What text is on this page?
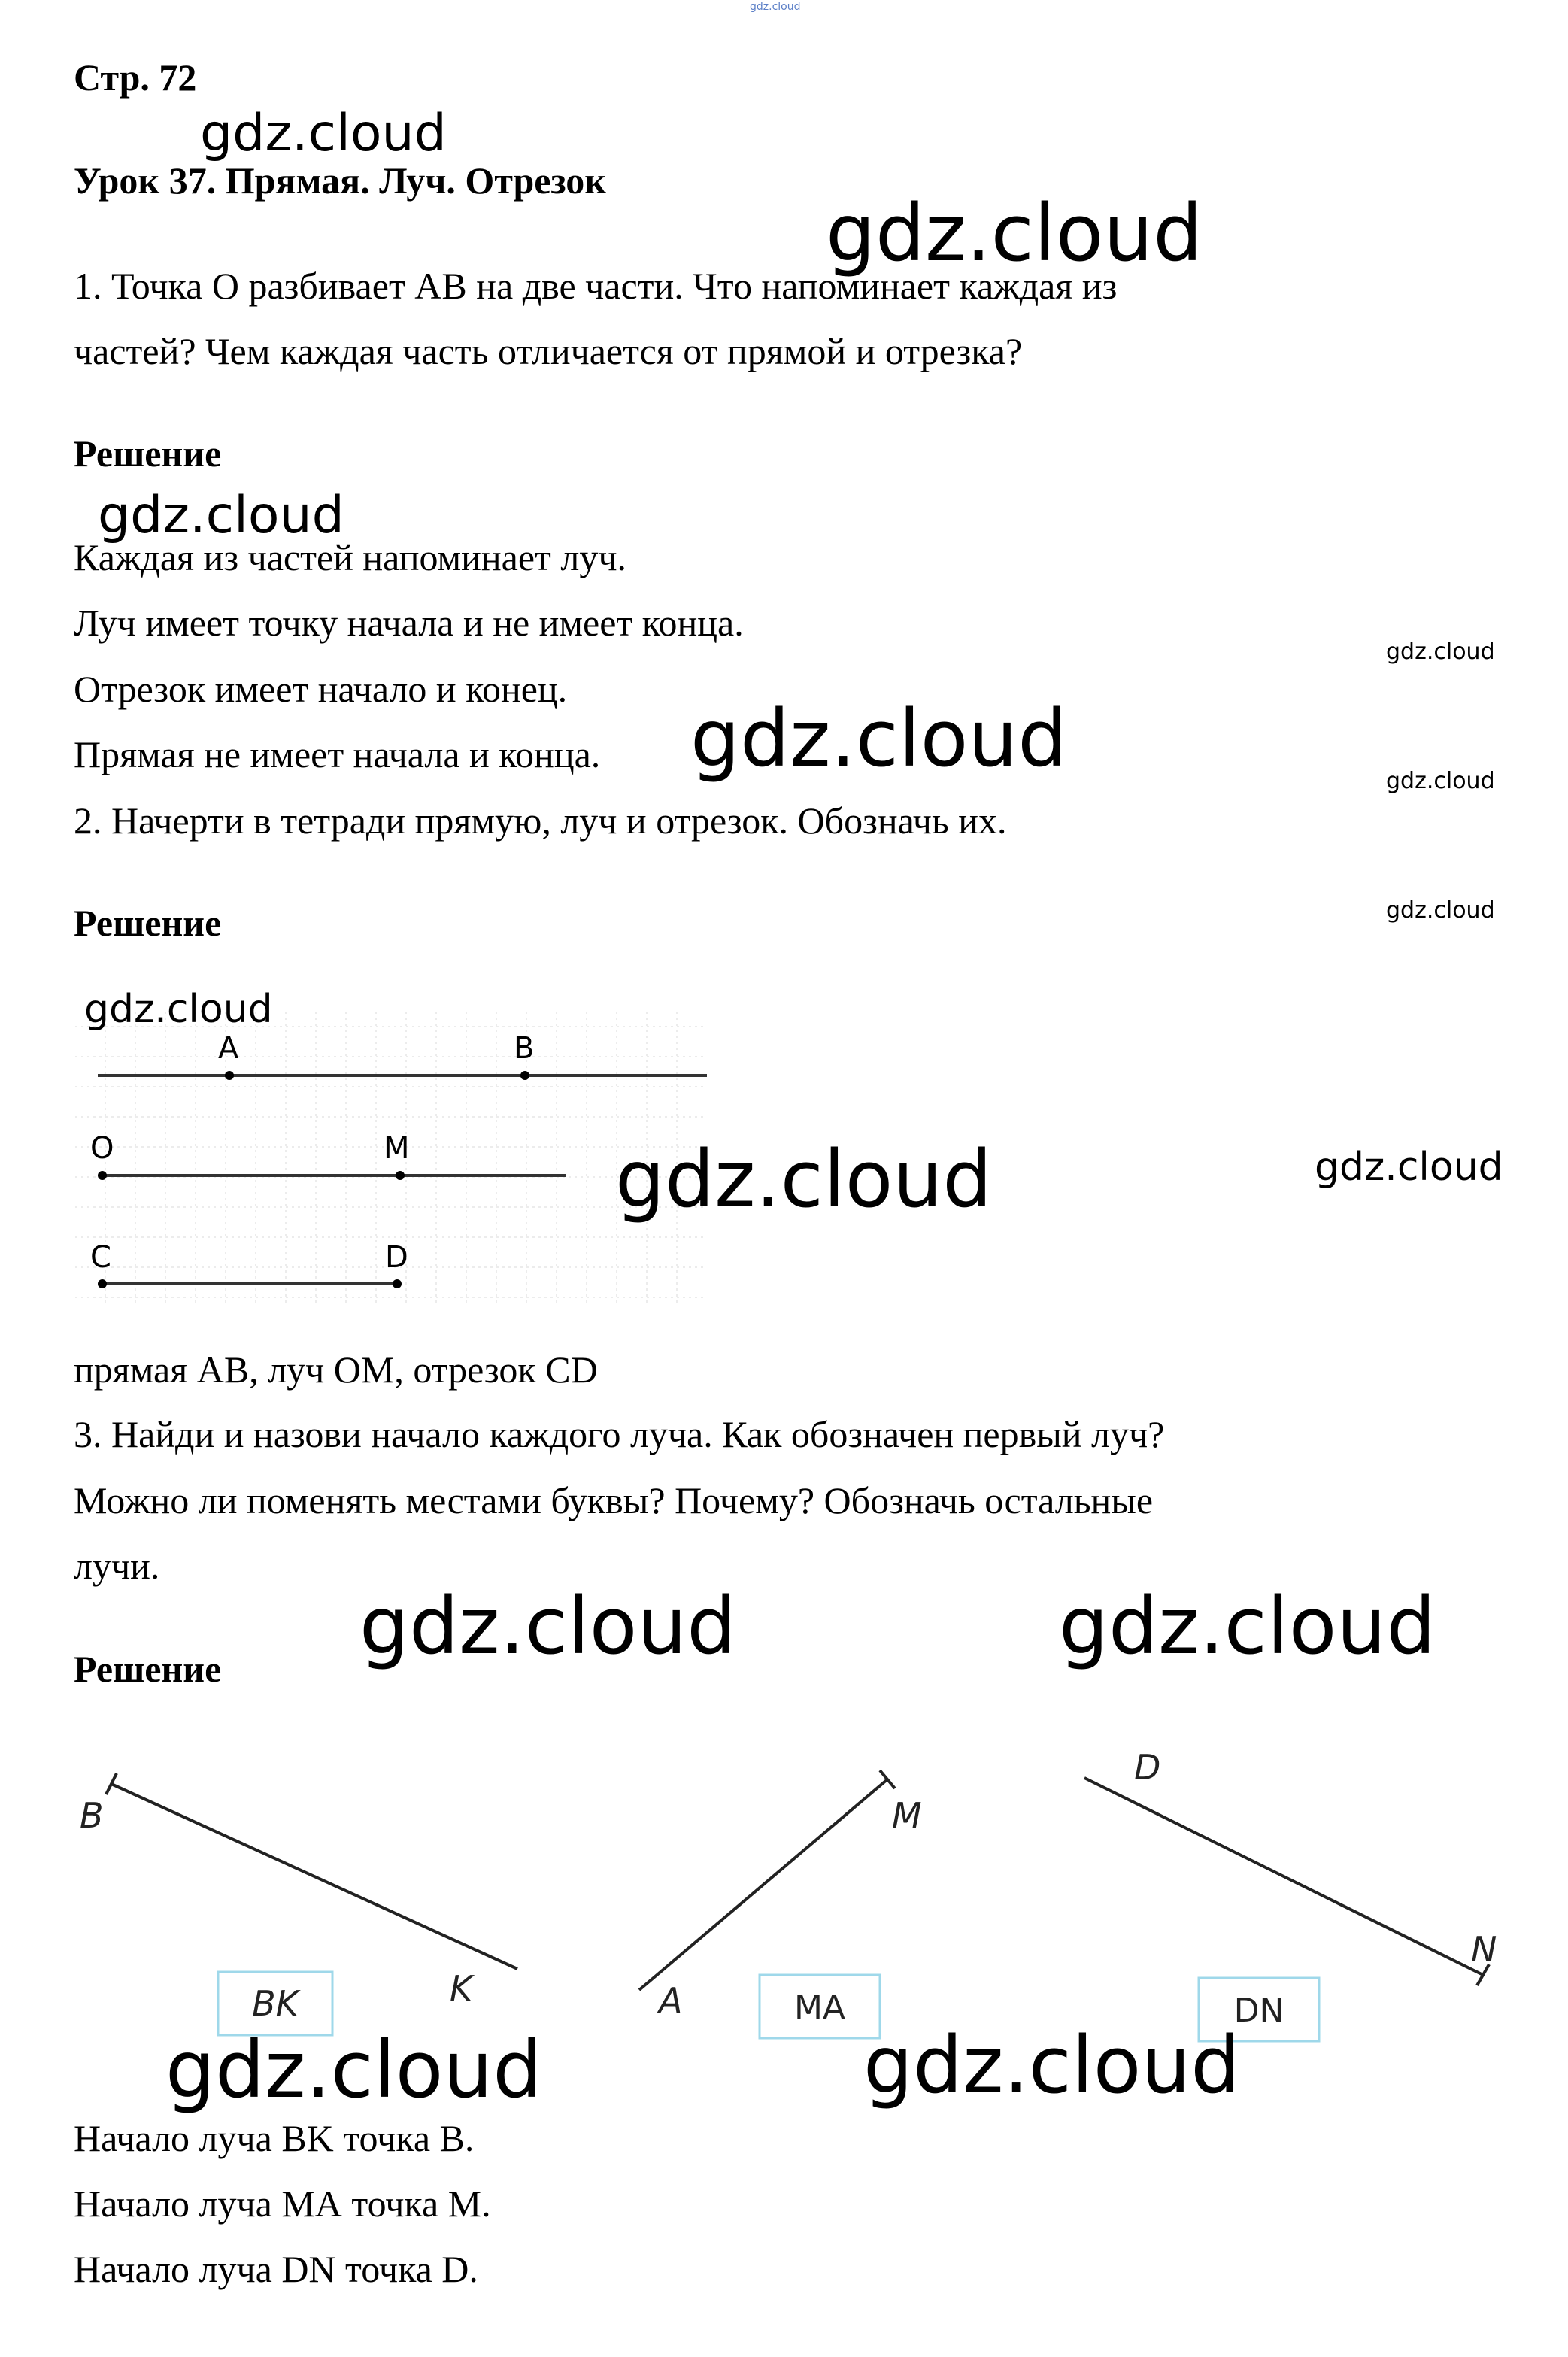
gdz.cloud
Стр. 72
Урок 37. Прямая. Луч. Отрезок
1. Точка О разбивает АВ на две части. Что напоминает каждая из
частей? Чем каждая часть отличается от прямой и отрезка?
Решение
Каждая из частей напоминает луч.
Луч имеет точку начала и не имеет конца.
Отрезок имеет начало и конец.
Прямая не имеет начала и конца.
2. Начерти в тетради прямую, луч и отрезок. Обозначь их.
Решение
A	B
O	M
C	D
прямая АВ, луч ОМ, отрезок CD
3. Найди и назови начало каждого луча. Как обозначен первый луч?
Можно ли поменять местами буквы? Почему? Обозначь остальные
лучи.
Решение
B
K
BK
M
A	MA
D
N
DN
Начало луча ВK точка B.
Начало луча МА точка М.
Начало луча DN точка D.
gdz.cloud
gdz.cloud
gdz.cloud
gdz.cloud
gdz.cloud	gdz.cloud
gdz.cloud
gdz.cloud
gdz.cloud
gdz.cloud
gdz.cloud	gdz.cloud
gdz.cloud	gdz.cloud
